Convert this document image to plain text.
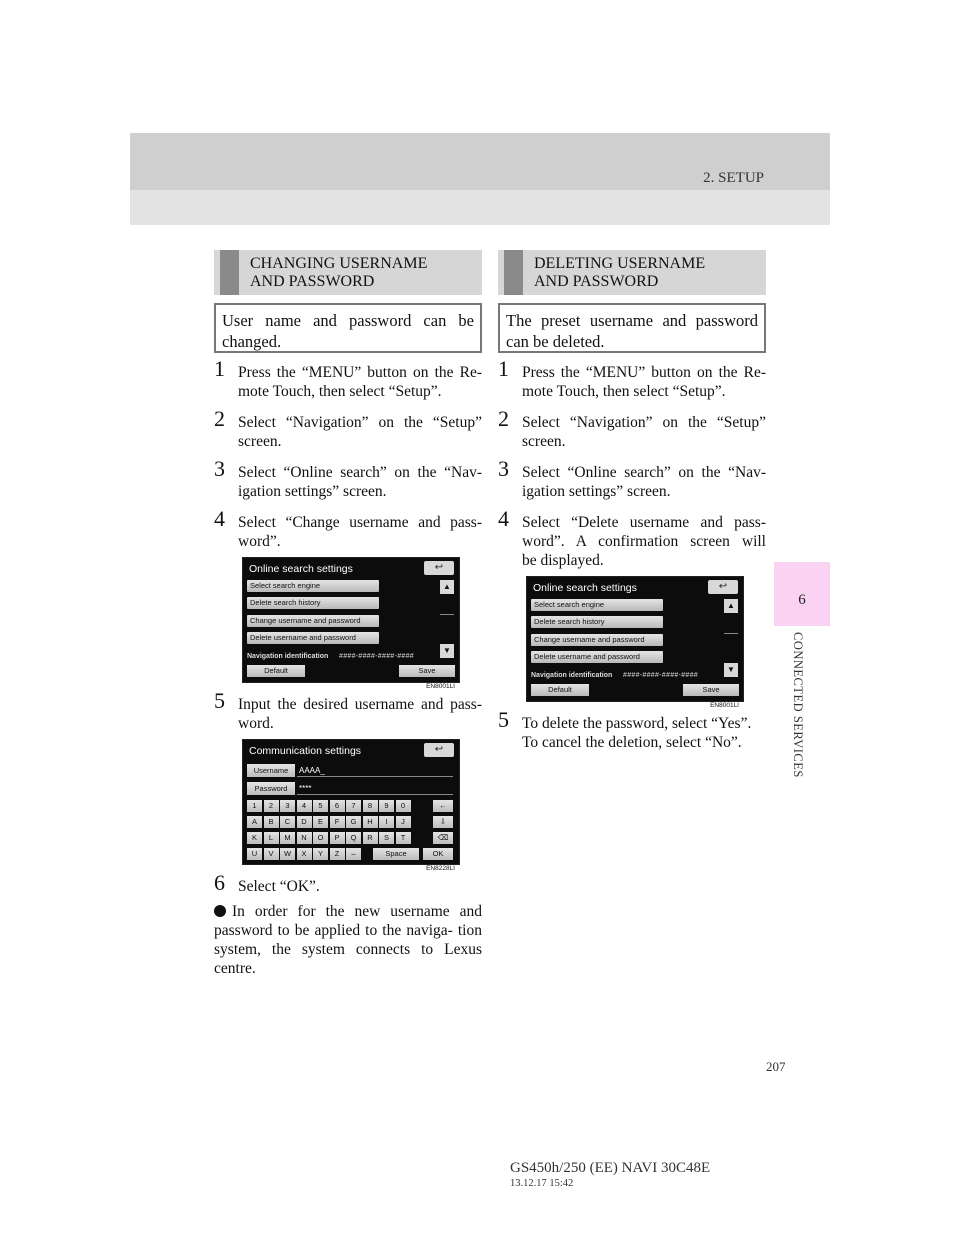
2. SETUP
6
CONNECTED SERVICES
CHANGING USERNAME
AND PASSWORD
User name and password can be
changed.
1 Press the “MENU” button on the Re-
mote Touch, then select “Setup”.
2 Select “Navigation” on the “Setup”
screen.
3 Select “Online search” on the “Nav-
igation settings” screen.
4 Select “Change username and pass-
word”.
Online search settings	↩
Select search engine
Delete search history
Change username and password
Delete username and password
▲
▼
Navigation identification ####-####-####-####
Default	Save
EN8001LI
5 Input the desired username and pass-
word.
Communication settings	↩
Username	AAAA_
Password	****
1	2	3	4	5	6	7	8	9	0	←
A	B	C	D	E	F	G	H	I	J	⇩
K	L	M	N	O	P	Q	R	S	T	⌫
U	V	W	X	Y	Z	–	Space	OK
EN8228LI
6 Select “OK”.
In order for the new username and password to be applied to the naviga- tion system, the system connects to Lexus centre.
DELETING USERNAME
AND PASSWORD
The preset username and password
can be deleted.
1 Press the “MENU” button on the Re-
mote Touch, then select “Setup”.
2 Select “Navigation” on the “Setup”
screen.
3 Select “Online search” on the “Nav-
igation settings” screen.
4 Select “Delete username and pass-
word”. A confirmation screen will
be displayed.
Online search settings	↩
Select search engine
Delete search history
Change username and password
Delete username and password
▲
▼
Navigation identification ####-####-####-####
Default	Save
EN8001LI
5 To delete the password, select “Yes”.
To cancel the deletion, select “No”.
207
GS450h/250 (EE) NAVI 30C48E
13.12.17 15:42
